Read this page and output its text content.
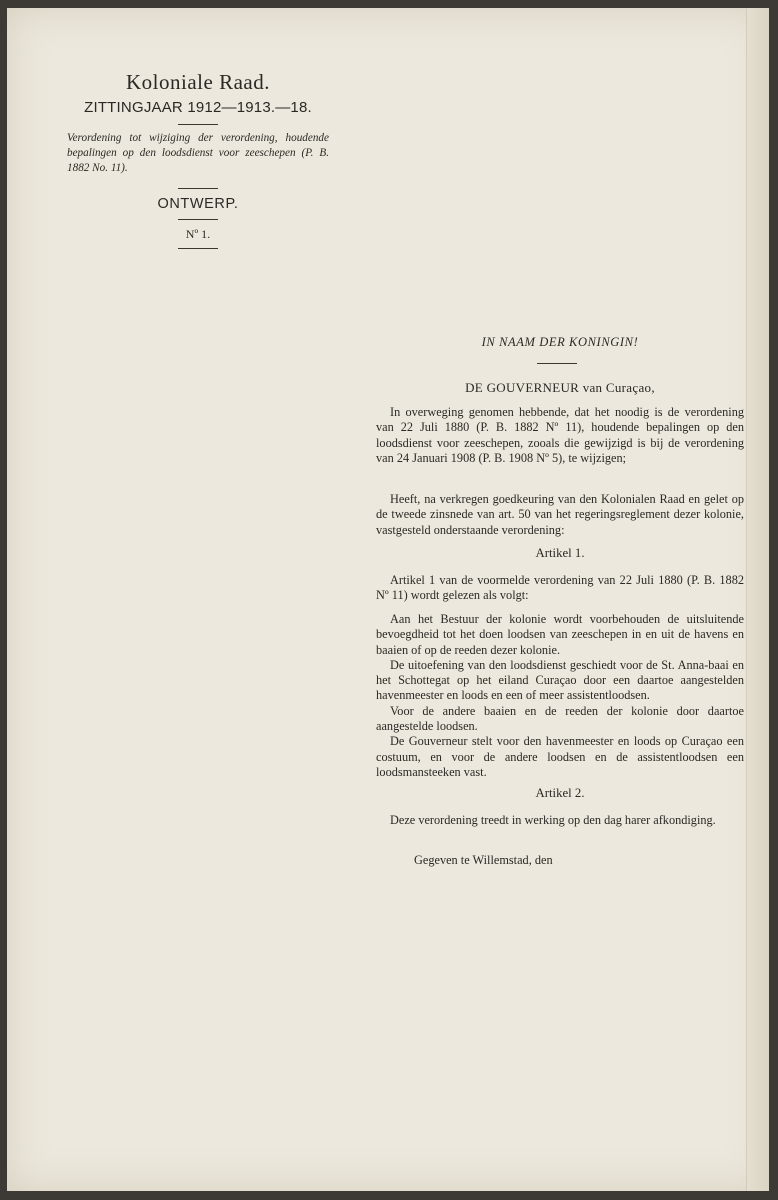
Koloniale Raad.
ZITTINGJAAR 1912—1913.—18.
Verordening tot wijziging der verordening, houdende bepalingen op den loodsdienst voor zeeschepen (P. B. 1882 No. 11).
ONTWERP.
Nº 1.
IN NAAM DER KONINGIN!
DE GOUVERNEUR van Curaçao,

In overweging genomen hebbende, dat het noodig is de verordening van 22 Juli 1880 (P. B. 1882 Nº 11), houdende bepalingen op den loodsdienst voor zeeschepen, zooals die gewijzigd is bij de verordening van 24 Januari 1908 (P. B. 1908 Nº 5), te wijzigen;

Heeft, na verkregen goedkeuring van den Kolonialen Raad en gelet op de tweede zinsnede van art. 50 van het regeringsreglement dezer kolonie, vastgesteld onderstaande verordening:

Artikel 1.

Artikel 1 van de voormelde verordening van 22 Juli 1880 (P. B. 1882 Nº 11) wordt gelezen als volgt:

Aan het Bestuur der kolonie wordt voorbehouden de uitsluitende bevoegdheid tot het doen loodsen van zeeschepen in en uit de havens en baaien of op de reeden dezer kolonie.

De uitoefening van den loodsdienst geschiedt voor de St. Anna-baai en het Schottegat op het eiland Curaçao door een daartoe aangestelden havenmeester en loods en een of meer assistentloodsen.

Voor de andere baaien en de reeden der kolonie door daartoe aangestelde loodsen.

De Gouverneur stelt voor den havenmeester en loods op Curaçao een costuum, en voor de andere loodsen en de assistentloodsen een loodsmansteeken vast.

Artikel 2.

Deze verordening treedt in werking op den dag harer afkondiging.

Gegeven te Willemstad, den
